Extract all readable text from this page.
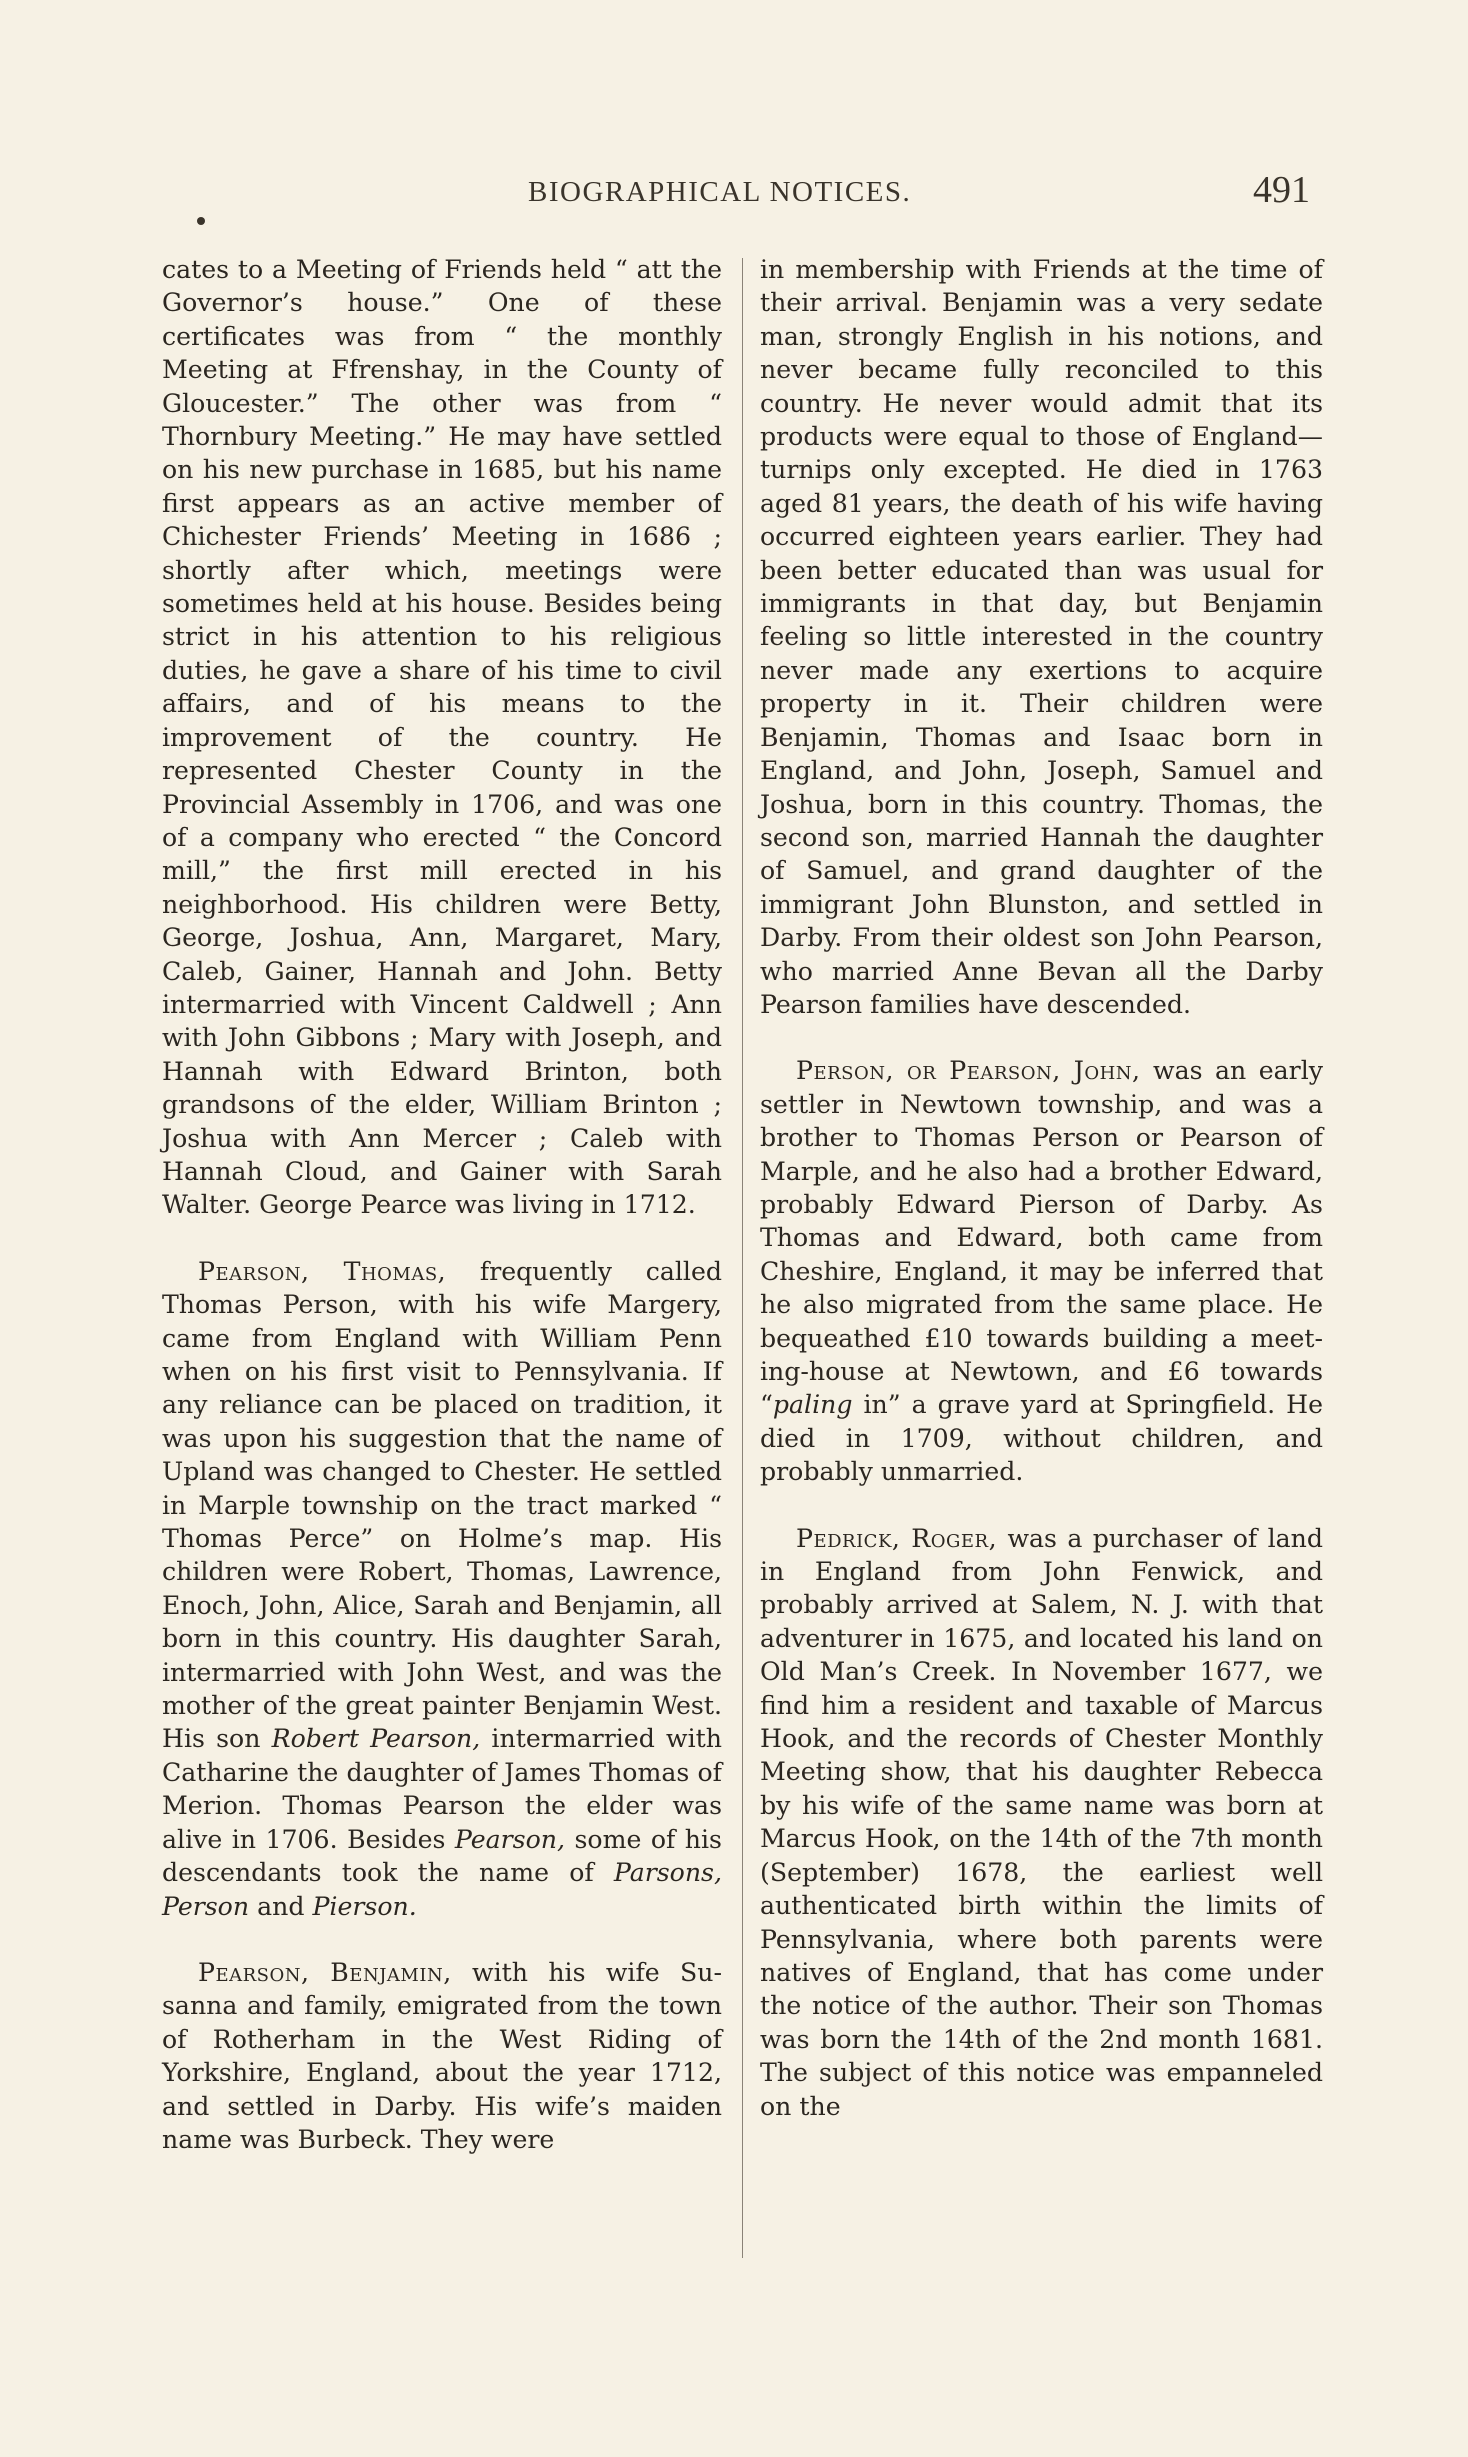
BIOGRAPHICAL NOTICES.	491

cates to a Meeting of Friends held “ att the Governor’s house.” One of these certificates was from “ the monthly Meeting at Ffrenshay, in the County of Gloucester.” The other was from “ Thornbury Meeting.” He may have settled on his new purchase in 1685, but his name first appears as an active member of Chichester Friends’ Meeting in 1686 ; shortly after which, meetings were sometimes held at his house. Besides being strict in his attention to his religious duties, he gave a share of his time to civil affairs, and of his means to the improvement of the country. He represented Chester County in the Provincial Assembly in 1706, and was one of a company who erected “ the Concord mill,” the first mill erected in his neighborhood. His children were Betty, George, Joshua, Ann, Margaret, Mary, Caleb, Gainer, Hannah and John. Betty intermarried with Vincent Caldwell ; Ann with John Gibbons ; Mary with Joseph, and Hannah with Edward Brinton, both grandsons of the elder, William Brinton ; Joshua with Ann Mercer ; Caleb with Hannah Cloud, and Gainer with Sarah Walter. George Pearce was living in 1712.

Pearson, Thomas, frequently called Thomas Person, with his wife Margery, came from England with William Penn when on his first visit to Pennsylvania. If any reliance can be placed on tradition, it was upon his suggestion that the name of Upland was changed to Chester. He settled in Marple township on the tract marked “ Thomas Perce” on Holme’s map. His children were Robert, Thomas, Lawrence, Enoch, John, Alice, Sarah and Benjamin, all born in this country. His daughter Sarah, intermarried with John West, and was the mother of the great painter Benjamin West. His son Robert Pearson, intermarried with Catharine the daughter of James Thomas of Merion. Thomas Pearson the elder was alive in 1706. Besides Pearson, some of his descendants took the name of Parsons, Person and Pierson.

Pearson, Benjamin, with his wife Susanna and family, emigrated from the town of Rotherham in the West Riding of Yorkshire, England, about the year 1712, and settled in Darby. His wife’s maiden name was Burbeck. They were

in membership with Friends at the time of their arrival. Benjamin was a very sedate man, strongly English in his notions, and never became fully reconciled to this country. He never would admit that its products were equal to those of England—turnips only excepted. He died in 1763 aged 81 years, the death of his wife having occurred eighteen years earlier. They had been better educated than was usual for immigrants in that day, but Benjamin feeling so little interested in the country never made any exertions to acquire property in it. Their children were Benjamin, Thomas and Isaac born in England, and John, Joseph, Samuel and Joshua, born in this country. Thomas, the second son, married Hannah the daughter of Samuel, and grand daughter of the immigrant John Blunston, and settled in Darby. From their oldest son John Pearson, who married Anne Bevan all the Darby Pearson families have descended.

Person, or Pearson, John, was an early settler in Newtown township, and was a brother to Thomas Person or Pearson of Marple, and he also had a brother Edward, probably Edward Pierson of Darby. As Thomas and Edward, both came from Cheshire, England, it may be inferred that he also migrated from the same place. He bequeathed £10 towards building a meeting-house at Newtown, and £6 towards “paling in” a grave yard at Springfield. He died in 1709, without children, and probably unmarried.

Pedrick, Roger, was a purchaser of land in England from John Fenwick, and probably arrived at Salem, N. J. with that adventurer in 1675, and located his land on Old Man’s Creek. In November 1677, we find him a resident and taxable of Marcus Hook, and the records of Chester Monthly Meeting show, that his daughter Rebecca by his wife of the same name was born at Marcus Hook, on the 14th of the 7th month (September) 1678, the earliest well authenticated birth within the limits of Pennsylvania, where both parents were natives of England, that has come under the notice of the author. Their son Thomas was born the 14th of the 2nd month 1681. The subject of this notice was empanneled on the
